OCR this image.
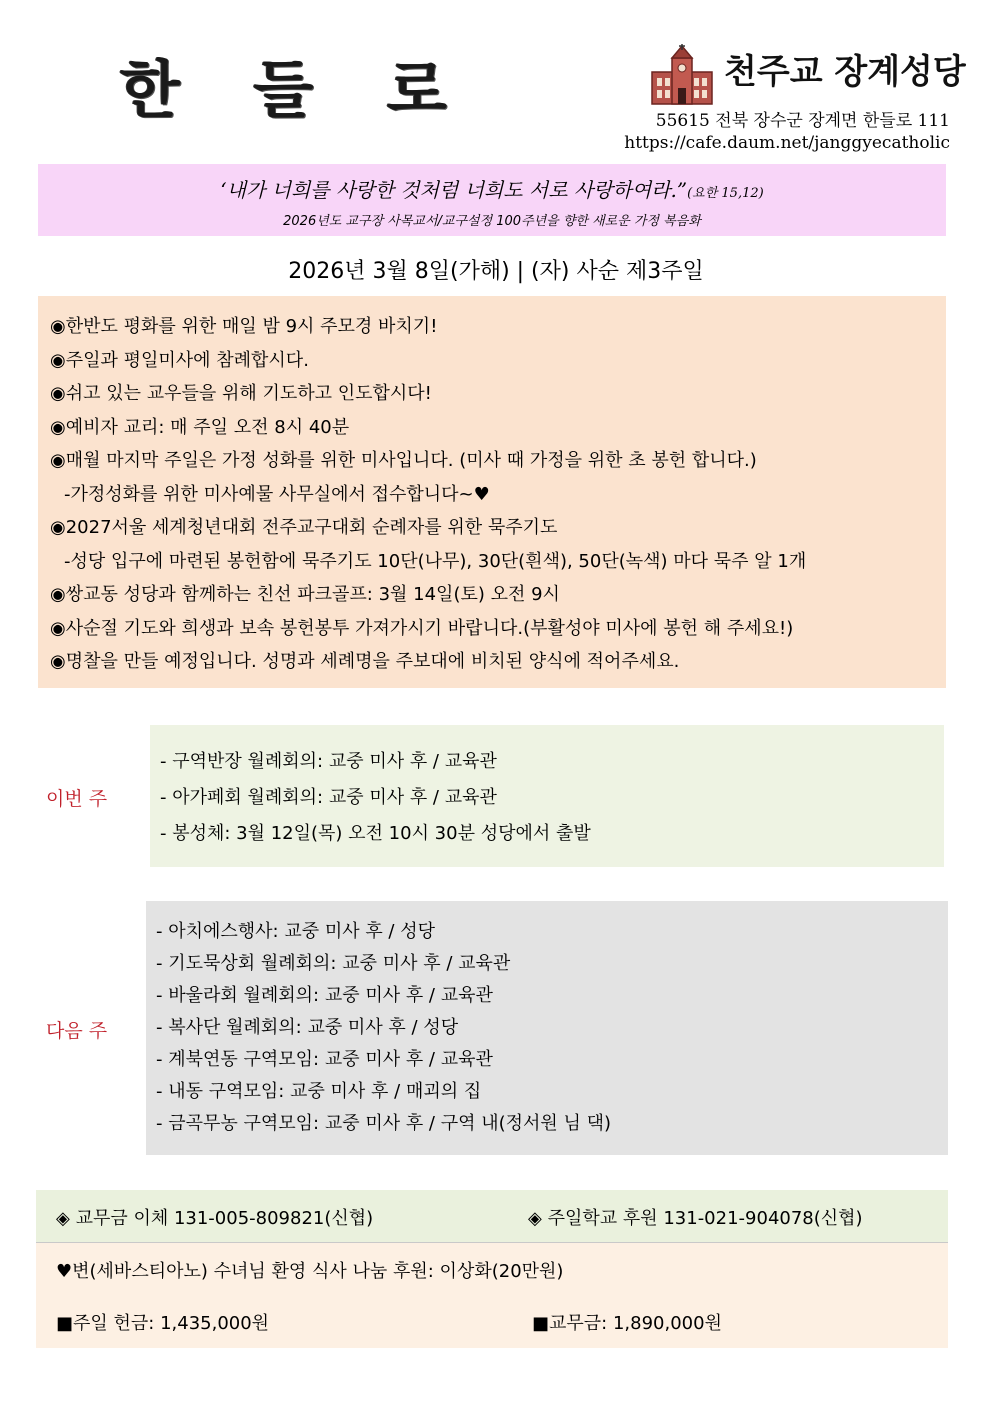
한 들 로	천주교 장계성당
55615 전북 장수군 장계면 한들로 111
https://cafe.daum.net/janggyecatholic
‘내가 너희를 사랑한 것처럼 너희도 서로 사랑하여라.”(요한 15,12)
2026년도 교구장 사목교서/교구설정 100주년을 향한 새로운 가정 복음화
2026년 3월 8일(가해) | (자) 사순 제3주일
◉한반도 평화를 위한 매일 밤 9시 주모경 바치기!
◉주일과 평일미사에 참례합시다.
◉쉬고 있는 교우들을 위해 기도하고 인도합시다!
◉예비자 교리: 매 주일 오전 8시 40분
◉매월 마지막 주일은 가정 성화를 위한 미사입니다. (미사 때 가정을 위한 초 봉헌 합니다.)
-가정성화를 위한 미사예물 사무실에서 접수합니다~♥
◉2027서울 세계청년대회 전주교구대회 순례자를 위한 묵주기도
-성당 입구에 마련된 봉헌함에 묵주기도 10단(나무), 30단(흰색), 50단(녹색) 마다 묵주 알 1개
◉쌍교동 성당과 함께하는 친선 파크골프: 3월 14일(토) 오전 9시
◉사순절 기도와 희생과 보속 봉헌봉투 가져가시기 바랍니다.(부활성야 미사에 봉헌 해 주세요!)
◉명찰을 만들 예정입니다. 성명과 세례명을 주보대에 비치된 양식에 적어주세요.
이번 주
- 구역반장 월례회의: 교중 미사 후 / 교육관
- 아가페회 월례회의: 교중 미사 후 / 교육관
- 봉성체: 3월 12일(목) 오전 10시 30분 성당에서 출발
다음 주
- 아치에스행사: 교중 미사 후 / 성당
- 기도묵상회 월례회의: 교중 미사 후 / 교육관
- 바울라회 월례회의: 교중 미사 후 / 교육관
- 복사단 월례회의: 교중 미사 후 / 성당
- 계북연동 구역모임: 교중 미사 후 / 교육관
- 내동 구역모임: 교중 미사 후 / 매괴의 집
- 금곡무농 구역모임: 교중 미사 후 / 구역 내(정서원 님 댁)
◈ 교무금 이체 131-005-809821(신협)	◈ 주일학교 후원 131-021-904078(신협)
♥변(세바스티아노) 수녀님 환영 식사 나눔 후원: 이상화(20만원)
■주일 헌금: 1,435,000원	■교무금: 1,890,000원
